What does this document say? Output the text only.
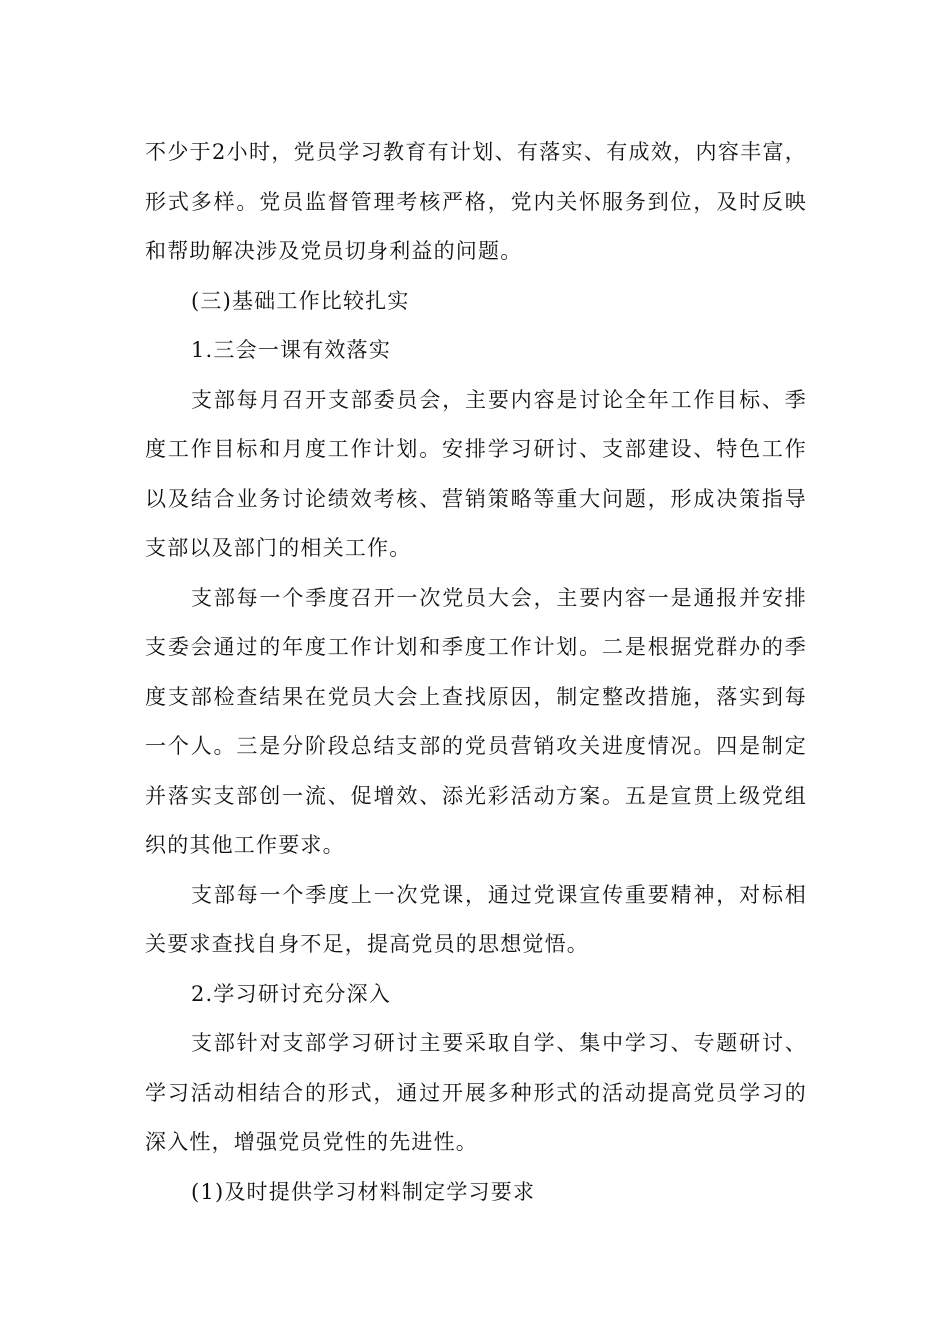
不少于2小时，党员学习教育有计划、有落实、有成效，内容丰富，形式多样。党员监督管理考核严格，党内关怀服务到位，及时反映和帮助解决涉及党员切身利益的问题。

(三)基础工作比较扎实

1.三会一课有效落实

支部每月召开支部委员会，主要内容是讨论全年工作目标、季度工作目标和月度工作计划。安排学习研讨、支部建设、特色工作以及结合业务讨论绩效考核、营销策略等重大问题，形成决策指导支部以及部门的相关工作。

支部每一个季度召开一次党员大会，主要内容一是通报并安排支委会通过的年度工作计划和季度工作计划。二是根据党群办的季度支部检查结果在党员大会上查找原因，制定整改措施，落实到每一个人。三是分阶段总结支部的党员营销攻关进度情况。四是制定并落实支部创一流、促增效、添光彩活动方案。五是宣贯上级党组织的其他工作要求。

支部每一个季度上一次党课，通过党课宣传重要精神，对标相关要求查找自身不足，提高党员的思想觉悟。

2.学习研讨充分深入

支部针对支部学习研讨主要采取自学、集中学习、专题研讨、学习活动相结合的形式，通过开展多种形式的活动提高党员学习的深入性，增强党员党性的先进性。

(1)及时提供学习材料制定学习要求
